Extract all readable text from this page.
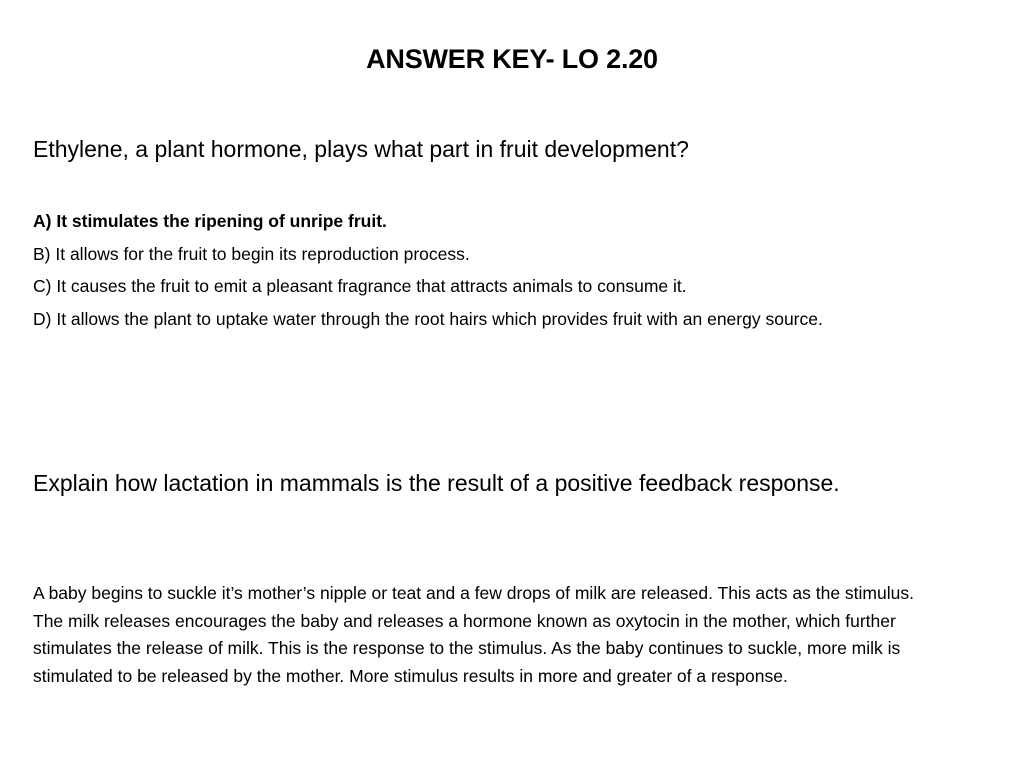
ANSWER KEY- LO 2.20
Ethylene, a plant hormone, plays what part in fruit development?
A) It stimulates the ripening of unripe fruit.
B) It allows for the fruit to begin its reproduction process.
C) It causes the fruit to emit a pleasant fragrance that attracts animals to consume it.
D) It allows the plant to uptake water through the root hairs which provides fruit with an energy source.
Explain how lactation in mammals is the result of a positive feedback response.
A baby begins to suckle it’s mother’s nipple or teat and a few drops of milk are released. This acts as the stimulus. The milk releases encourages the baby and releases a hormone known as oxytocin in the mother, which further stimulates the release of milk. This is the response to the stimulus. As the baby continues to suckle, more milk is stimulated to be released by the mother. More stimulus results in more and greater of a response.
